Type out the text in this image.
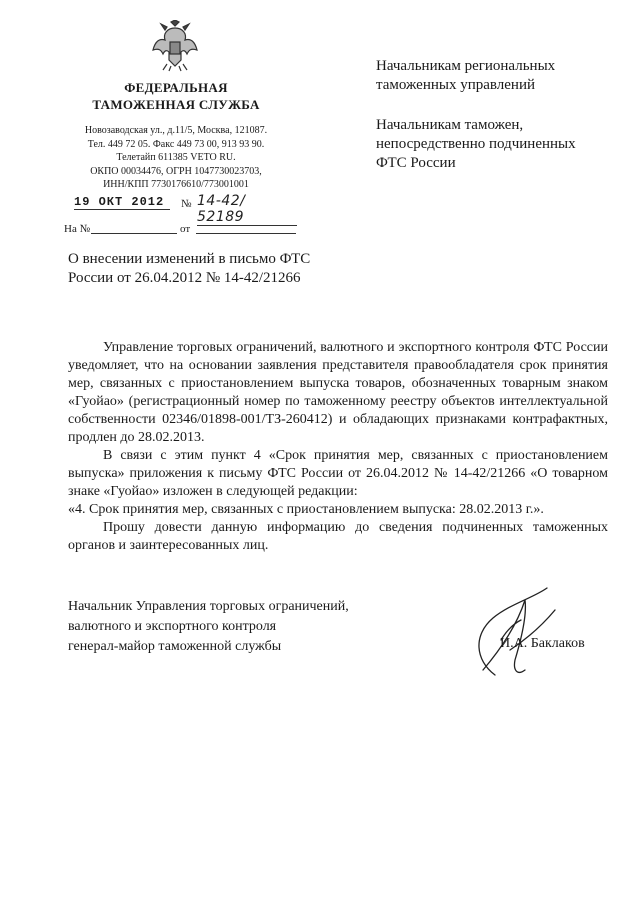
ФЕДЕРАЛЬНАЯ
ТАМОЖЕННАЯ СЛУЖБА
Новозаводская ул., д.11/5, Москва, 121087.
Тел. 449 72 05. Факс 449 73 00, 913 93 90.
Телетайп 611385 VETO RU.
ОКПО 00034476, ОГРН 1047730023703,
ИНН/КПП 7730176610/773001001
19 ОКТ 2012	№ 14-42/ 52189
На №	от
О внесении изменений в письмо ФТС
России от 26.04.2012 № 14-42/21266
Начальникам региональных
таможенных управлений
Начальникам таможен,
непосредственно подчиненных
ФТС России

Управление торговых ограничений, валютного и экспортного контроля ФТС России уведомляет, что на основании заявления представителя правообладателя срок принятия мер, связанных с приостановлением выпуска товаров, обозначенных товарным знаком «Гуойао» (регистрационный номер по таможенному реестру объектов интеллектуальной собственности 02346/01898-001/ТЗ-260412) и обладающих признаками контрафактных, продлен до 28.02.2013.

В связи с этим пункт 4 «Срок принятия мер, связанных с приостановлением выпуска» приложения к письму ФТС России от 26.04.2012 № 14-42/21266 «О товарном знаке «Гуойао» изложен в следующей редакции:

«4. Срок принятия мер, связанных с приостановлением выпуска: 28.02.2013 г.».

Прошу довести данную информацию до сведения подчиненных таможенных органов и заинтересованных лиц.

Начальник Управления торговых ограничений,
валютного и экспортного контроля
генерал-майор таможенной службы	И.А. Баклаков
